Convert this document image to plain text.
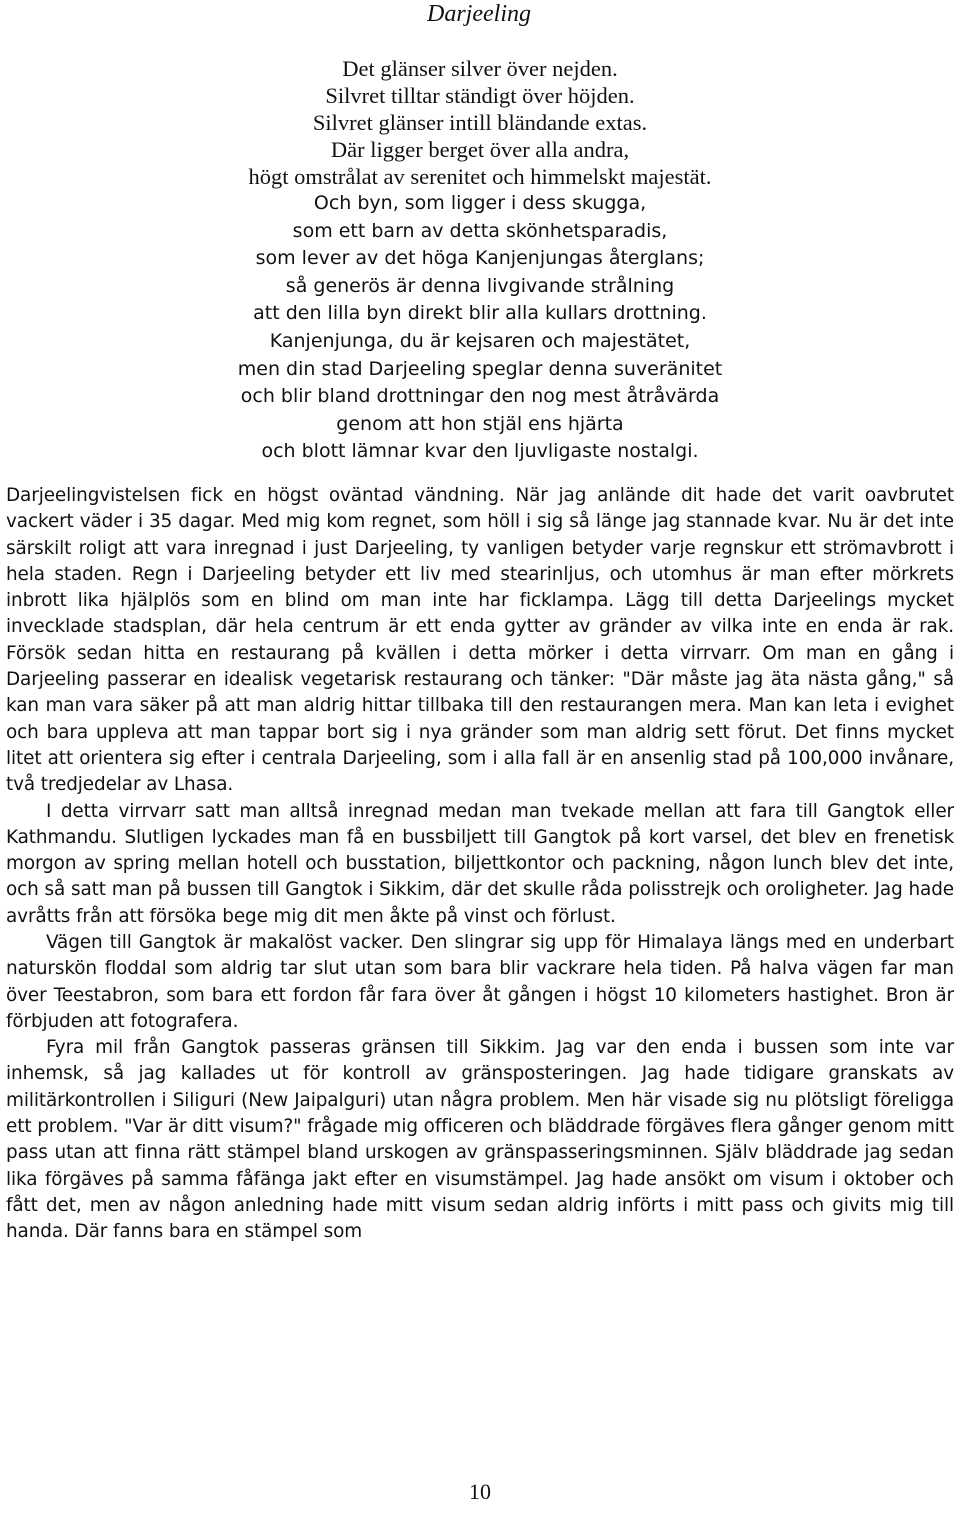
Darjeeling
Det glänser silver över nejden.
Silvret tilltar ständigt över höjden.
Silvret glänser intill bländande extas.
Där ligger berget över alla andra,
högt omstrålat av serenitet och himmelskt majestät.
Och byn, som ligger i dess skugga,
som ett barn av detta skönhetsparadis,
som lever av det höga Kanjenjungas återglans;
så generös är denna livgivande strålning
att den lilla byn direkt blir alla kullars drottning.
Kanjenjunga, du är kejsaren och majestätet,
men din stad Darjeeling speglar denna suveränitet
och blir bland drottningar den nog mest åtråvärda
genom att hon stjäl ens hjärta
och blott lämnar kvar den ljuvligaste nostalgi.

Darjeelingvistelsen fick en högst oväntad vändning. När jag anlände dit hade det varit oavbrutet vackert väder i 35 dagar. Med mig kom regnet, som höll i sig så länge jag stannade kvar. Nu är det inte särskilt roligt att vara inregnad i just Darjeeling, ty vanligen betyder varje regnskur ett strömavbrott i hela staden. Regn i Darjeeling betyder ett liv med stearinljus, och utomhus är man efter mörkrets inbrott lika hjälplös som en blind om man inte har ficklampa. Lägg till detta Darjeelings mycket invecklade stadsplan, där hela centrum är ett enda gytter av gränder av vilka inte en enda är rak. Försök sedan hitta en restaurang på kvällen i detta mörker i detta virrvarr. Om man en gång i Darjeeling passerar en idealisk vegetarisk restaurang och tänker: "Där måste jag äta nästa gång," så kan man vara säker på att man aldrig hittar tillbaka till den restaurangen mera. Man kan leta i evighet och bara uppleva att man tappar bort sig i nya gränder som man aldrig sett förut. Det finns mycket litet att orientera sig efter i centrala Darjeeling, som i alla fall är en ansenlig stad på 100,000 invånare, två tredjedelar av Lhasa.

I detta virrvarr satt man alltså inregnad medan man tvekade mellan att fara till Gangtok eller Kathmandu. Slutligen lyckades man få en bussbiljett till Gangtok på kort varsel, det blev en frenetisk morgon av spring mellan hotell och busstation, biljettkontor och packning, någon lunch blev det inte, och så satt man på bussen till Gangtok i Sikkim, där det skulle råda polisstrejk och oroligheter. Jag hade avråtts från att försöka bege mig dit men åkte på vinst och förlust.

Vägen till Gangtok är makalöst vacker. Den slingrar sig upp för Himalaya längs med en underbart naturskön floddal som aldrig tar slut utan som bara blir vackrare hela tiden. På halva vägen far man över Teestabron, som bara ett fordon får fara över åt gången i högst 10 kilometers hastighet. Bron är förbjuden att fotografera.

Fyra mil från Gangtok passeras gränsen till Sikkim. Jag var den enda i bussen som inte var inhemsk, så jag kallades ut för kontroll av gränsposteringen. Jag hade tidigare granskats av militärkontrollen i Siliguri (New Jaipalguri) utan några problem. Men här visade sig nu plötsligt föreligga ett problem. "Var är ditt visum?" frågade mig officeren och bläddrade förgäves flera gånger genom mitt pass utan att finna rätt stämpel bland urskogen av gränspasseringsminnen. Själv bläddrade jag sedan lika förgäves på samma fåfänga jakt efter en visumstämpel. Jag hade ansökt om visum i oktober och fått det, men av någon anledning hade mitt visum sedan aldrig införts i mitt pass och givits mig till handa. Där fanns bara en stämpel som

10
